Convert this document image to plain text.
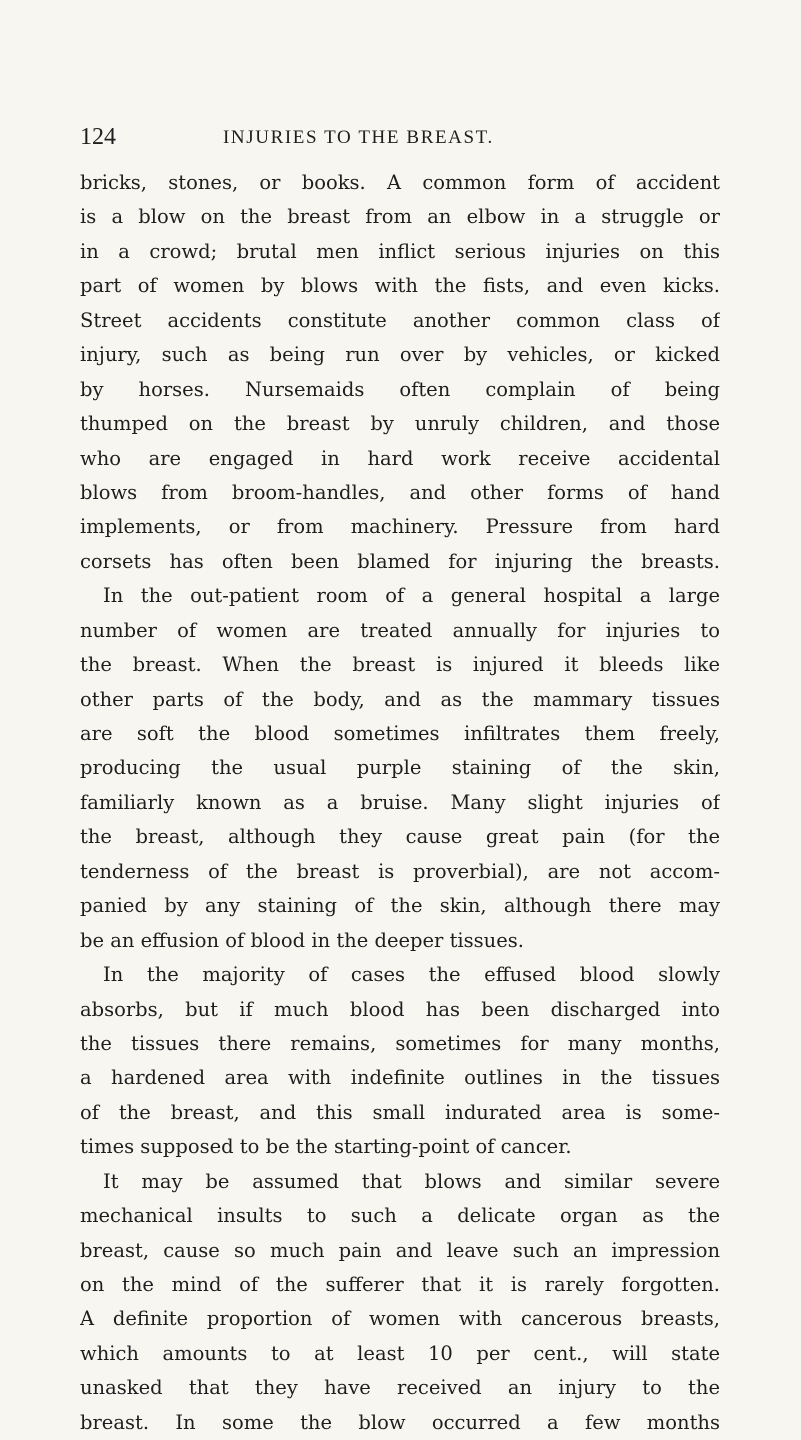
124	INJURIES TO THE BREAST.
bricks, stones, or books. A common form of accident
is a blow on the breast from an elbow in a struggle or
in a crowd; brutal men inflict serious injuries on this
part of women by blows with the fists, and even kicks.
Street accidents constitute another common class of
injury, such as being run over by vehicles, or kicked
by horses. Nursemaids often complain of being
thumped on the breast by unruly children, and those
who are engaged in hard work receive accidental
blows from broom-handles, and other forms of hand
implements, or from machinery. Pressure from hard
corsets has often been blamed for injuring the breasts.
In the out-patient room of a general hospital a large
number of women are treated annually for injuries to
the breast. When the breast is injured it bleeds like
other parts of the body, and as the mammary tissues
are soft the blood sometimes infiltrates them freely,
producing the usual purple staining of the skin,
familiarly known as a bruise. Many slight injuries of
the breast, although they cause great pain (for the
tenderness of the breast is proverbial), are not accom-
panied by any staining of the skin, although there may
be an effusion of blood in the deeper tissues.
In the majority of cases the effused blood slowly
absorbs, but if much blood has been discharged into
the tissues there remains, sometimes for many months,
a hardened area with indefinite outlines in the tissues
of the breast, and this small indurated area is some-
times supposed to be the starting-point of cancer.
It may be assumed that blows and similar severe
mechanical insults to such a delicate organ as the
breast, cause so much pain and leave such an impression
on the mind of the sufferer that it is rarely forgotten.
A definite proportion of women with cancerous breasts,
which amounts to at least 10 per cent., will state
unasked that they have received an injury to the
breast. In some the blow occurred a few months
